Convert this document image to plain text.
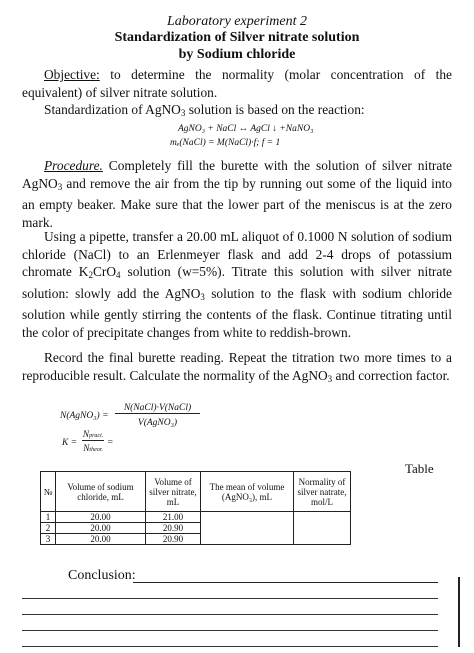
Laboratory experiment 2
Standardization of Silver nitrate solution
by Sodium chloride
Objective: to determine the normality (molar concentration of the equivalent) of silver nitrate solution.
Standardization of AgNO$_3$ solution is based on the reaction:
AgNO₃ + NaCl ↔ AgCl ↓ +NaNO₃
mₑ(NaCl) = M(NaCl)·f; f = 1
Procedure. Completely fill the burette with the solution of silver nitrate AgNO$_3$ and remove the air from the tip by running out some of the liquid into an empty beaker. Make sure that the lower part of the meniscus is at the zero mark.
Using a pipette, transfer a 20.00 mL aliquot of 0.1000 N solution of sodium chloride (NaCl) to an Erlenmeyer flask and add 2-4 drops of potassium chromate $K_2CrO_4$ solution (w=5%). Titrate this solution with silver nitrate solution: slowly add the AgNO$_3$ solution to the flask with sodium chloride solution while gently stirring the contents of the flask. Continue titrating until the color of precipitate changes from white to reddish-brown.
Record the final burette reading. Repeat the titration two more times to a reproducible result. Calculate the normality of the AgNO$_3$ and correction factor.
N(AgNO₃) =
N(NaCl)·V(NaCl)
V(AgNO₃)
K =
Npract.
Ntheor.
=
Table
№	Volume of sodium chloride, mL	Volume of silver nitrate, mL	The mean of volume (AgNO₃), mL	Normality of silver natrate, mol/L
1	20.00	21.00		
2	20.00	20.90		
3	20.00	20.90		
Conclusion:
